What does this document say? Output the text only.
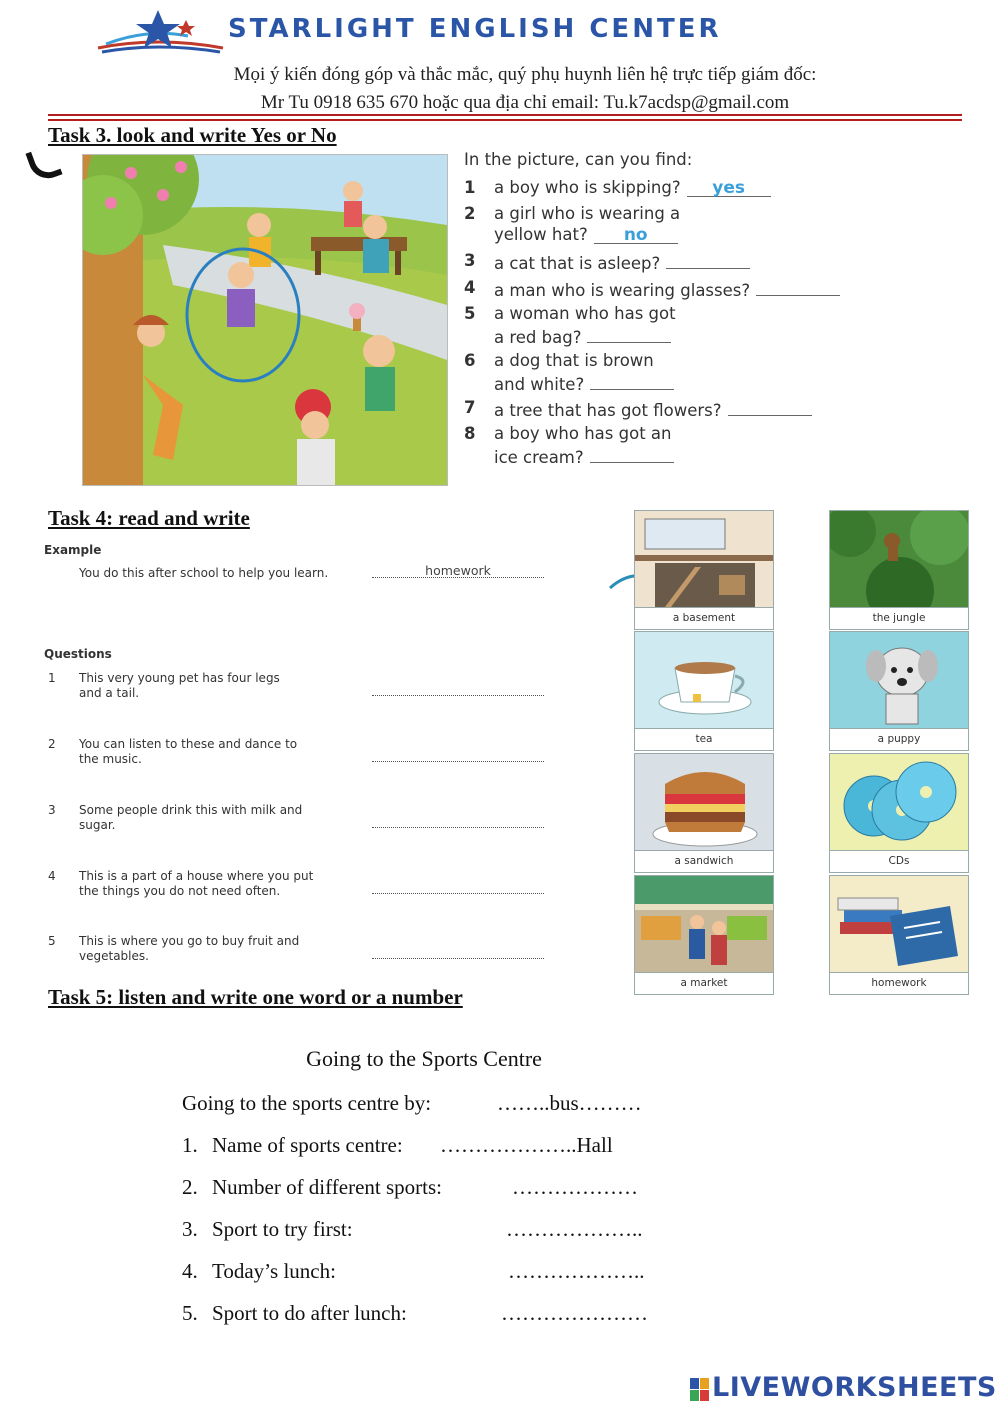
STARLIGHT ENGLISH CENTER
Mọi ý kiến đóng góp và thắc mắc, quý phụ huynh liên hệ trực tiếp giám đốc:
Mr Tu 0918 635 670 hoặc qua địa chỉ email: Tu.k7acdsp@gmail.com
Task 3. look and write Yes or No
In the picture, can you find:
1 a boy who is skipping? yes
2 a girl who is wearing a
yellow hat? no
3 a cat that is asleep?
4 a man who is wearing glasses?
5 a woman who has got
a red bag?
6 a dog that is brown
and white?
7 a tree that has got flowers?
8 a boy who has got an
ice cream?
Task 4: read and write
Example
You do this after school to help you learn.	homework
Questions
1 This very young pet has four legs
and a tail.
2 You can listen to these and dance to
the music.
3 Some people drink this with milk and
sugar.
4 This is a part of a house where you put
the things you do not need often.
5 This is where you go to buy fruit and
vegetables.
a basement	the jungle
tea	a puppy
a sandwich	CDs
a market	homework
Task 5: listen and write one word or a number
Going to the Sports Centre
Going to the sports centre by:	……..bus………
1. Name of sports centre: ………………..Hall
2. Number of different sports:	………………
3. Sport to try first:	………………..
4. Today’s lunch:	………………..
5. Sport to do after lunch:	…………………
LIVEWORKSHEETS
